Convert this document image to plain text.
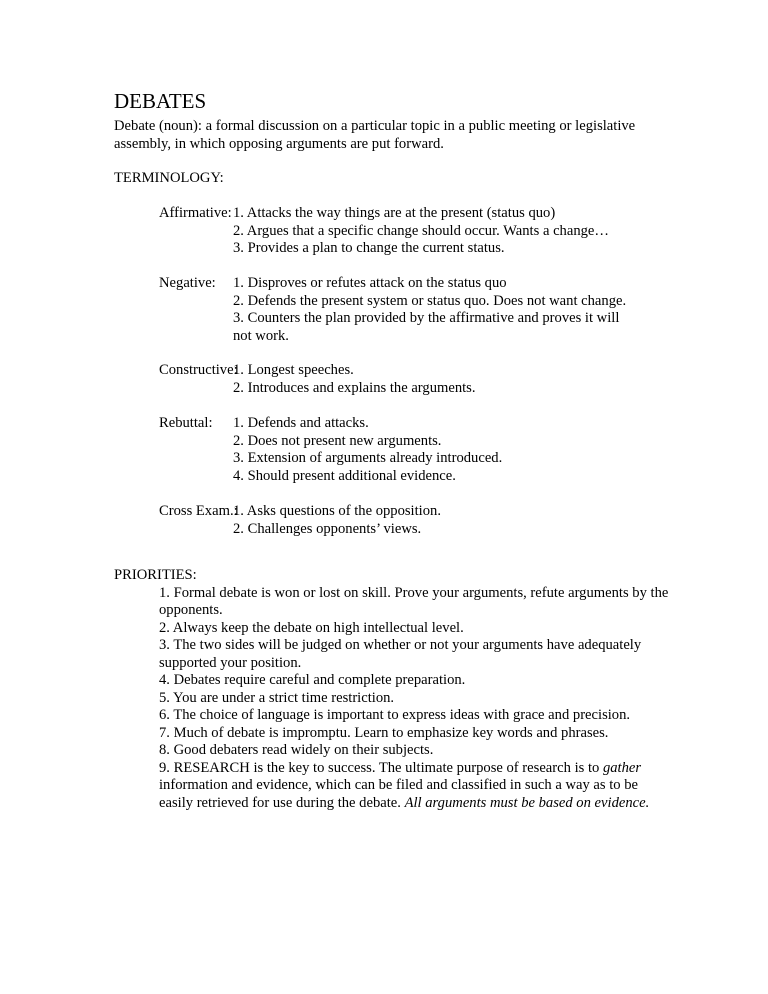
DEBATES
Debate (noun): a formal discussion on a particular topic in a public meeting or legislative assembly, in which opposing arguments are put forward.
TERMINOLOGY:
Affirmative: 1. Attacks the way things are at the present (status quo)
2. Argues that a specific change should occur. Wants a change…
3. Provides a plan to change the current status.
Negative: 1. Disproves or refutes attack on the status quo
2. Defends the present system or status quo. Does not want change.
3. Counters the plan provided by the affirmative and proves it will not work.
Constructive:
1. Longest speeches.
2. Introduces and explains the arguments.
Rebuttal: 1. Defends and attacks.
2. Does not present new arguments.
3. Extension of arguments already introduced.
4. Should present additional evidence.
Cross Exam.:
1. Asks questions of the opposition.
2. Challenges opponents’ views.
PRIORITIES:
1. Formal debate is won or lost on skill. Prove your arguments, refute arguments by the opponents.
2. Always keep the debate on high intellectual level.
3. The two sides will be judged on whether or not your arguments have adequately supported your position.
4. Debates require careful and complete preparation.
5. You are under a strict time restriction.
6. The choice of language is important to express ideas with grace and precision.
7. Much of debate is impromptu. Learn to emphasize key words and phrases.
8. Good debaters read widely on their subjects.
9. RESEARCH is the key to success. The ultimate purpose of research is to gather information and evidence, which can be filed and classified in such a way as to be easily retrieved for use during the debate. All arguments must be based on evidence.
